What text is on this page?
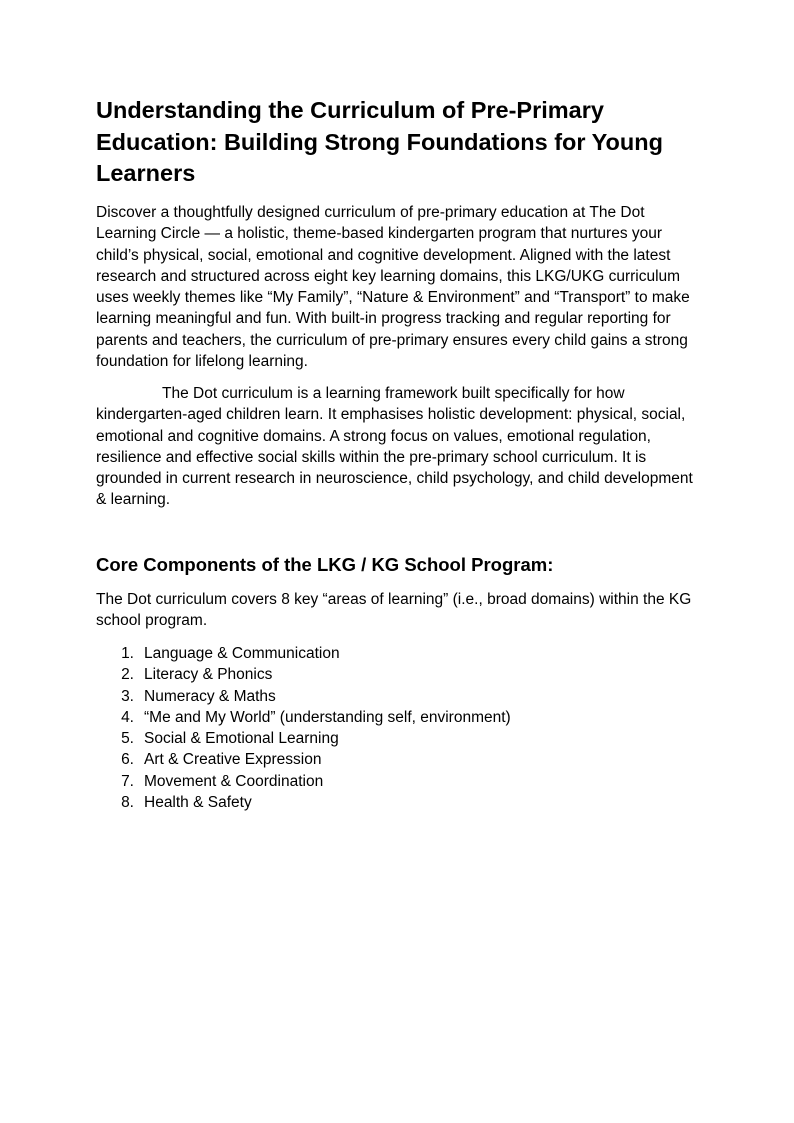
Understanding the Curriculum of Pre-Primary Education: Building Strong Foundations for Young Learners

Discover a thoughtfully designed curriculum of pre-primary education at The Dot Learning Circle — a holistic, theme-based kindergarten program that nurtures your child’s physical, social, emotional and cognitive development. Aligned with the latest research and structured across eight key learning domains, this LKG/UKG curriculum uses weekly themes like “My Family”, “Nature & Environment” and “Transport” to make learning meaningful and fun. With built-in progress tracking and regular reporting for parents and teachers, the curriculum of pre-primary ensures every child gains a strong foundation for lifelong learning.

The Dot curriculum is a learning framework built specifically for how kindergarten-aged children learn. It emphasises holistic development: physical, social, emotional and cognitive domains. A strong focus on values, emotional regulation, resilience and effective social skills within the pre-primary school curriculum. It is grounded in current research in neuroscience, child psychology, and child development & learning.

Core Components of the LKG / KG School Program:

The Dot curriculum covers 8 key “areas of learning” (i.e., broad domains) within the KG school program.

1. Language & Communication
2. Literacy & Phonics
3. Numeracy & Maths
4. “Me and My World” (understanding self, environment)
5. Social & Emotional Learning
6. Art & Creative Expression
7. Movement & Coordination
8. Health & Safety
